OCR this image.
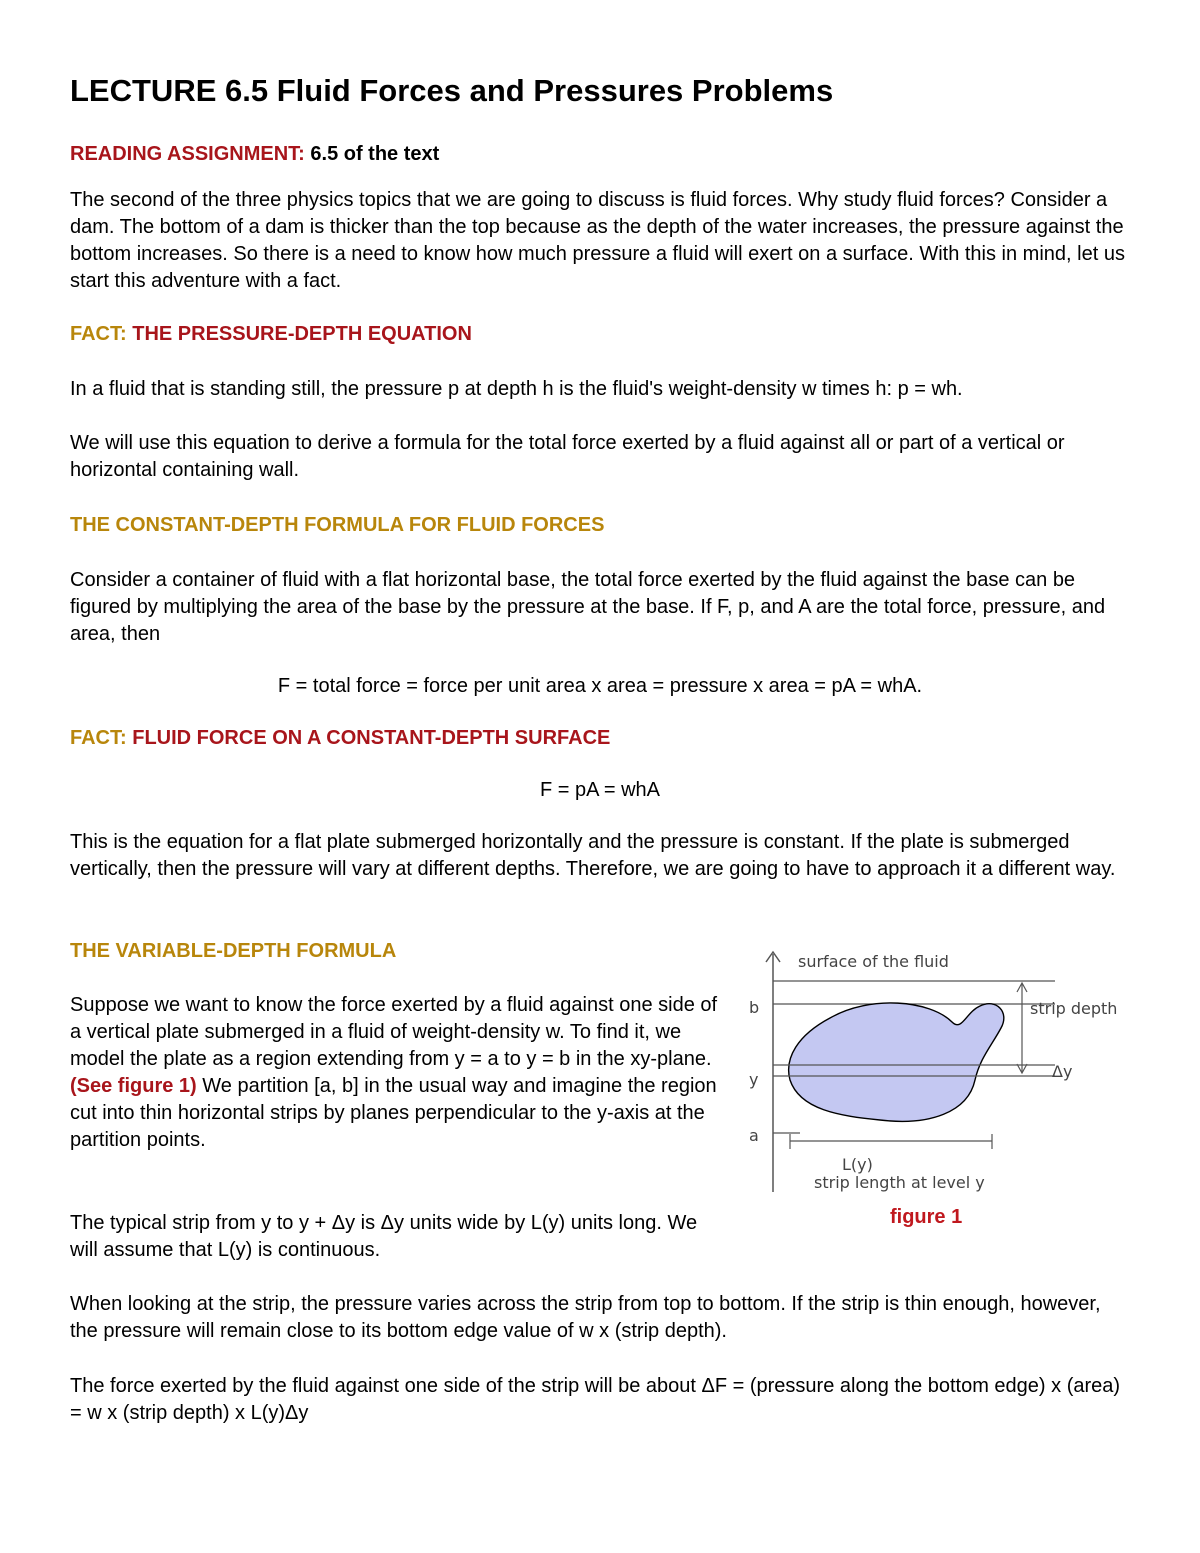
LECTURE 6.5 Fluid Forces and Pressures Problems

READING ASSIGNMENT: 6.5 of the text

The second of the three physics topics that we are going to discuss is fluid forces. Why study fluid forces? Consider a dam. The bottom of a dam is thicker than the top because as the depth of the water increases, the pressure against the bottom increases. So there is a need to know how much pressure a fluid will exert on a surface. With this in mind, let us start this adventure with a fact.

FACT: THE PRESSURE-DEPTH EQUATION

In a fluid that is standing still, the pressure p at depth h is the fluid's weight-density w times h: p = wh.

We will use this equation to derive a formula for the total force exerted by a fluid against all or part of a vertical or horizontal containing wall.

THE CONSTANT-DEPTH FORMULA FOR FLUID FORCES

Consider a container of fluid with a flat horizontal base, the total force exerted by the fluid against the base can be figured by multiplying the area of the base by the pressure at the base. If F, p, and A are the total force, pressure, and area, then

F = total force = force per unit area x area = pressure x area = pA = whA.

FACT: FLUID FORCE ON A CONSTANT-DEPTH SURFACE

F = pA = whA

This is the equation for a flat plate submerged horizontally and the pressure is constant. If the plate is submerged vertically, then the pressure will vary at different depths. Therefore, we are going to have to approach it a different way.

THE VARIABLE-DEPTH FORMULA

Suppose we want to know the force exerted by a fluid against one side of a vertical plate submerged in a fluid of weight-density w. To find it, we model the plate as a region extending from y = a to y = b in the xy-plane. (See figure 1) We partition [a, b] in the usual way and imagine the region cut into thin horizontal strips by planes perpendicular to the y-axis at the partition points.

The typical strip from y to y + Δy is Δy units wide by L(y) units long. We will assume that L(y) is continuous.

When looking at the strip, the pressure varies across the strip from top to bottom. If the strip is thin enough, however, the pressure will remain close to its bottom edge value of w x (strip depth).

The force exerted by the fluid against one side of the strip will be about ΔF = (pressure along the bottom edge) x (area) = w x (strip depth) x L(y)Δy

surface of the fluid
b
y
a
strip depth
Δy
L(y)
strip length at level y

figure 1
